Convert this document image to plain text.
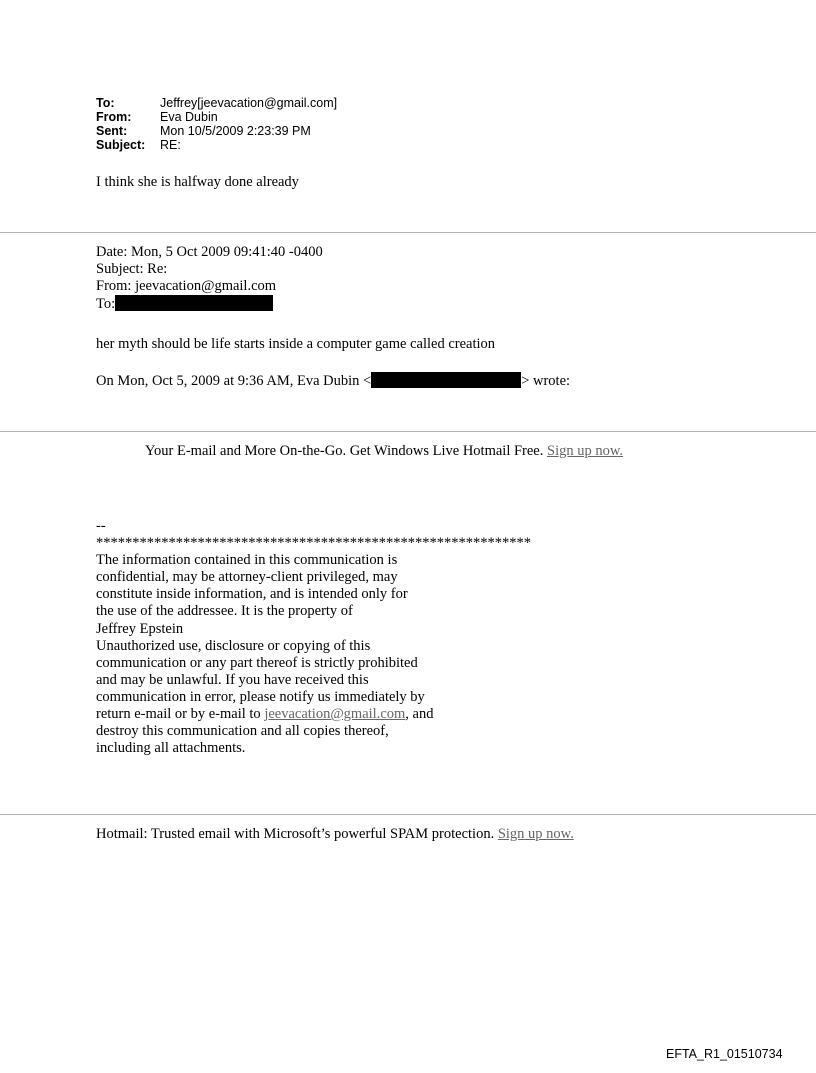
To:	Jeffrey[jeevacation@gmail.com]
From:	Eva Dubin
Sent:	Mon 10/5/2009 2:23:39 PM
Subject:	RE:
I think she is halfway done already
Date: Mon, 5 Oct 2009 09:41:40 -0400
Subject: Re:
From: jeevacation@gmail.com
To:
her myth should be life starts inside a computer game called creation
On Mon, Oct 5, 2009 at 9:36 AM, Eva Dubin <	> wrote:
Your E-mail and More On-the-Go. Get Windows Live Hotmail Free. Sign up now.
--
************************************************************
The information contained in this communication is
confidential, may be attorney-client privileged, may
constitute inside information, and is intended only for
the use of the addressee. It is the property of
Jeffrey Epstein
Unauthorized use, disclosure or copying of this
communication or any part thereof is strictly prohibited
and may be unlawful. If you have received this
communication in error, please notify us immediately by
return e-mail or by e-mail to jeevacation@gmail.com, and
destroy this communication and all copies thereof,
including all attachments.
Hotmail: Trusted email with Microsoft’s powerful SPAM protection. Sign up now.
EFTA_R1_01510734
